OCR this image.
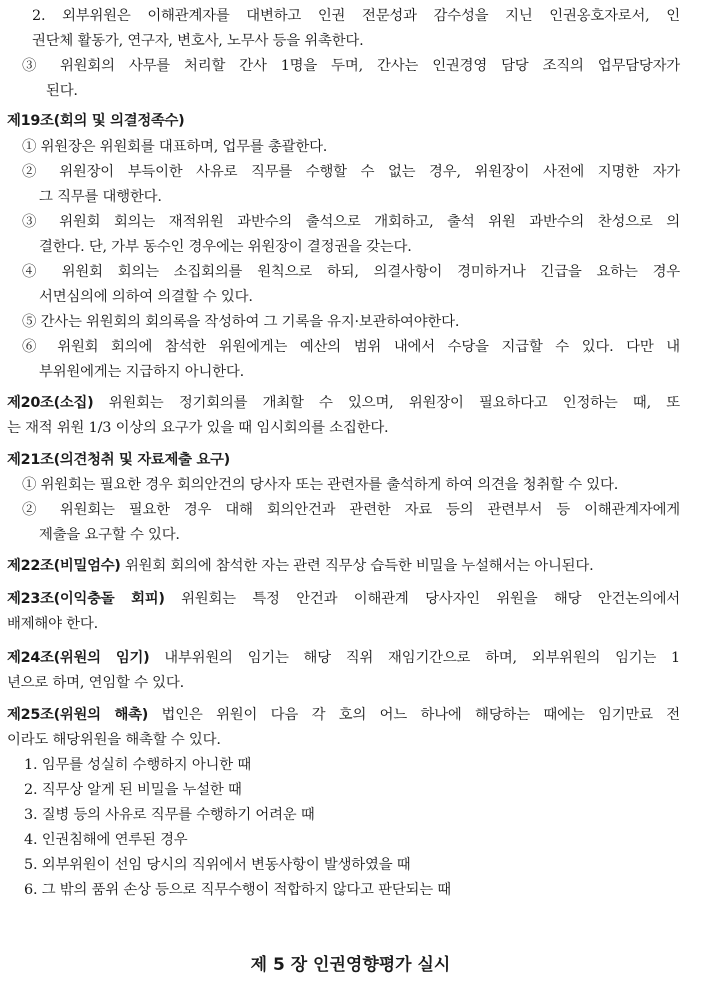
2. 외부위원은 이해관계자를 대변하고 인권 전문성과 감수성을 지닌 인권옹호자로서, 인
권단체 활동가, 연구자, 변호사, 노무사 등을 위촉한다.
③ 위원회의 사무를 처리할 간사 1명을 두며, 간사는 인권경영 담당 조직의 업무담당자가
된다.
제19조(회의 및 의결정족수)
① 위원장은 위원회를 대표하며, 업무를 총괄한다.
② 위원장이 부득이한 사유로 직무를 수행할 수 없는 경우, 위원장이 사전에 지명한 자가
그 직무를 대행한다.
③ 위원회 회의는 재적위원 과반수의 출석으로 개회하고, 출석 위원 과반수의 찬성으로 의
결한다. 단, 가부 동수인 경우에는 위원장이 결정권을 갖는다.
④ 위원회 회의는 소집회의를 원칙으로 하되, 의결사항이 경미하거나 긴급을 요하는 경우
서면심의에 의하여 의결할 수 있다.
⑤ 간사는 위원회의 회의록을 작성하여 그 기록을 유지·보관하여야한다.
⑥ 위원회 회의에 참석한 위원에게는 예산의 범위 내에서 수당을 지급할 수 있다. 다만 내
부위원에게는 지급하지 아니한다.
제20조(소집) 위원회는 정기회의를 개최할 수 있으며, 위원장이 필요하다고 인정하는 때, 또
는 재적 위원 1/3 이상의 요구가 있을 때 임시회의를 소집한다.
제21조(의견청취 및 자료제출 요구)
① 위원회는 필요한 경우 회의안건의 당사자 또는 관련자를 출석하게 하여 의견을 청취할 수 있다.
② 위원회는 필요한 경우 대해 회의안건과 관련한 자료 등의 관련부서 등 이해관계자에게
제출을 요구할 수 있다.
제22조(비밀엄수) 위원회 회의에 참석한 자는 관련 직무상 습득한 비밀을 누설해서는 아니된다.
제23조(이익충돌 회피) 위원회는 특정 안건과 이해관계 당사자인 위원을 해당 안건논의에서
배제해야 한다.
제24조(위원의 임기) 내부위원의 임기는 해당 직위 재임기간으로 하며, 외부위원의 임기는 1
년으로 하며, 연임할 수 있다.
제25조(위원의 해촉) 법인은 위원이 다음 각 호의 어느 하나에 해당하는 때에는 임기만료 전
이라도 해당위원을 해촉할 수 있다.
1. 임무를 성실히 수행하지 아니한 때
2. 직무상 알게 된 비밀을 누설한 때
3. 질병 등의 사유로 직무를 수행하기 어려운 때
4. 인권침해에 연루된 경우
5. 외부위원이 선임 당시의 직위에서 변동사항이 발생하였을 때
6. 그 밖의 품위 손상 등으로 직무수행이 적합하지 않다고 판단되는 때
제 5 장 인권영향평가 실시
